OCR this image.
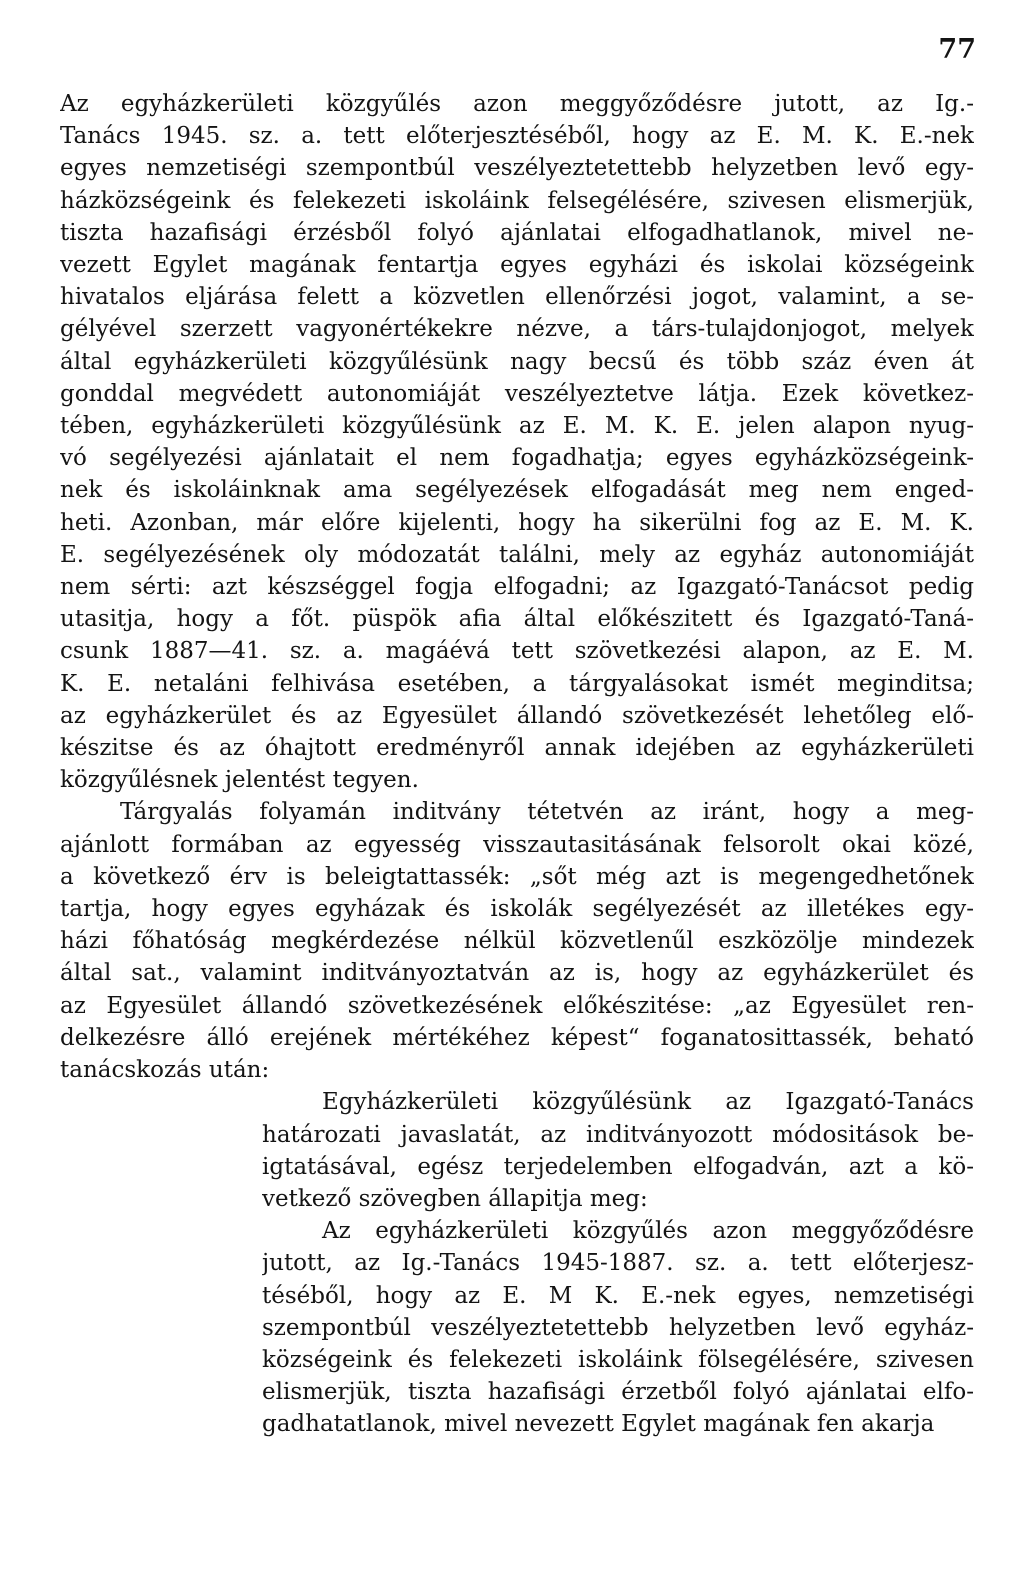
77

Az egyházkerületi közgyűlés azon meggyőződésre jutott, az Ig.-
Tanács 1945. sz. a. tett előterjesztéséből, hogy az E. M. K. E.-nek
egyes nemzetiségi szempontbúl veszélyeztetettebb helyzetben levő egy-
házközségeink és felekezeti iskoláink felsegélésére, szivesen elismerjük,
tiszta hazafisági érzésből folyó ajánlatai elfogadhatlanok, mivel ne-
vezett Egylet magának fentartja egyes egyházi és iskolai községeink
hivatalos eljárása felett a közvetlen ellenőrzési jogot, valamint, a se-
gélyével szerzett vagyonértékekre nézve, a társ-tulajdonjogot, melyek
által egyházkerületi közgyűlésünk nagy becsű és több száz éven át
gonddal megvédett autonomiáját veszélyeztetve látja. Ezek következ-
tében, egyházkerületi közgyűlésünk az E. M. K. E. jelen alapon nyug-
vó segélyezési ajánlatait el nem fogadhatja; egyes egyházközségeink-
nek és iskoláinknak ama segélyezések elfogadását meg nem enged-
heti. Azonban, már előre kijelenti, hogy ha sikerülni fog az E. M. K.
E. segélyezésének oly módozatát találni, mely az egyház autonomiáját
nem sérti: azt készséggel fogja elfogadni; az Igazgató-Tanácsot pedig
utasitja, hogy a főt. püspök afia által előkészitett és Igazgató-Taná-
csunk 1887—41. sz. a. magáévá tett szövetkezési alapon, az E. M.
K. E. netaláni felhivása esetében, a tárgyalásokat ismét meginditsa;
az egyházkerület és az Egyesület állandó szövetkezését lehetőleg elő-
készitse és az óhajtott eredményről annak idejében az egyházkerületi
közgyűlésnek jelentést tegyen.

Tárgyalás folyamán inditvány tétetvén az iránt, hogy a meg-
ajánlott formában az egyesség visszautasitásának felsorolt okai közé,
a következő érv is beleigtattassék: „sőt még azt is megengedhetőnek
tartja, hogy egyes egyházak és iskolák segélyezését az illetékes egy-
házi főhatóság megkérdezése nélkül közvetlenűl eszközölje mindezek
által sat., valamint inditványoztatván az is, hogy az egyházkerület és
az Egyesület állandó szövetkezésének előkészitése: „az Egyesület ren-
delkezésre álló erejének mértékéhez képest“ foganatosittassék, beható
tanácskozás után:

Egyházkerületi közgyűlésünk az Igazgató-Tanács
határozati javaslatát, az inditványozott módositások be-
igtatásával, egész terjedelemben elfogadván, azt a kö-
vetkező szövegben állapitja meg:

Az egyházkerületi közgyűlés azon meggyőződésre
jutott, az Ig.-Tanács 1945-1887. sz. a. tett előterjesz-
téséből, hogy az E. M K. E.-nek egyes, nemzetiségi
szempontbúl veszélyeztetettebb helyzetben levő egyház-
községeink és felekezeti iskoláink fölsegélésére, szivesen
elismerjük, tiszta hazafisági érzetből folyó ajánlatai elfo-
gadhatatlanok, mivel nevezett Egylet magának fen akarja
